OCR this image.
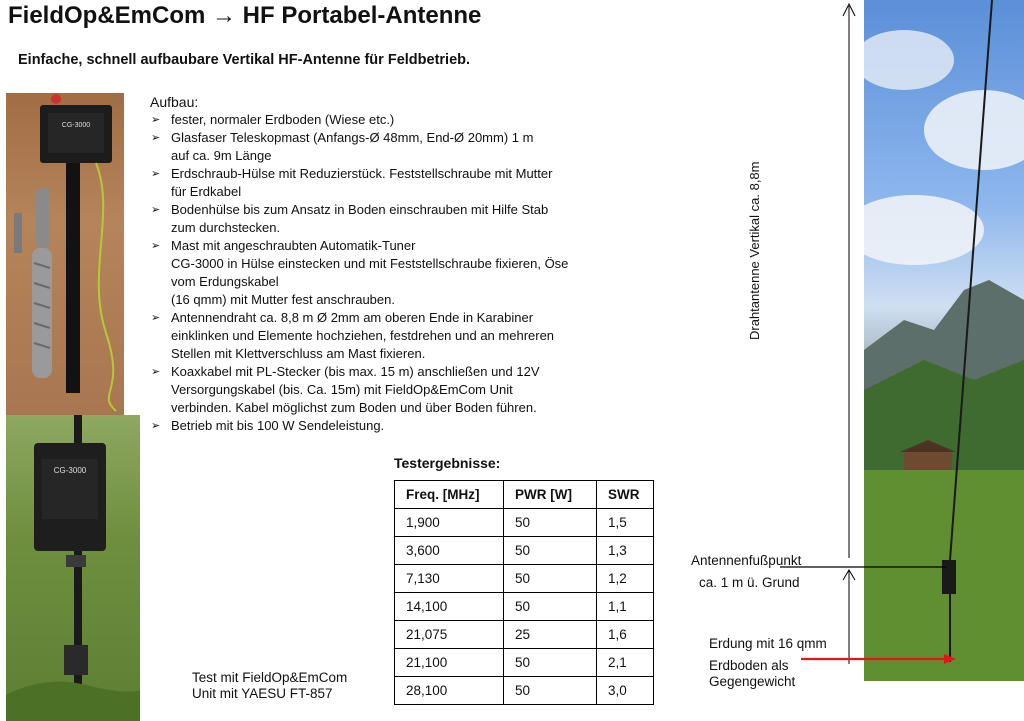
FieldOp&EmCom → HF Portabel-Antenne
Einfache, schnell aufbaubare Vertikal HF-Antenne für Feldbetrieb.
CG-3000
CG-3000
Aufbau:
➢ fester, normaler Erdboden (Wiese etc.)
➢ Glasfaser Teleskopmast (Anfangs-Ø 48mm, End-Ø 20mm) 1 m
auf ca. 9m Länge
➢ Erdschraub-Hülse mit Reduzierstück. Feststellschraube mit Mutter
für Erdkabel
➢ Bodenhülse bis zum Ansatz in Boden einschrauben mit Hilfe Stab
zum durchstecken.
➢ Mast mit angeschraubten Automatik-Tuner
CG-3000 in Hülse einstecken und mit Feststellschraube fixieren, Öse
vom Erdungskabel
(16 qmm) mit Mutter fest anschrauben.
➢ Antennendraht ca. 8,8 m Ø 2mm am oberen Ende in Karabiner
einklinken und Elemente hochziehen, festdrehen und an mehreren
Stellen mit Klettverschluss am Mast fixieren.
➢ Koaxkabel mit PL-Stecker (bis max. 15 m) anschließen und 12V
Versorgungskabel (bis. Ca. 15m) mit FieldOp&EmCom Unit
verbinden. Kabel möglichst zum Boden und über Boden führen.
➢ Betrieb mit bis 100 W Sendeleistung.
Testergebnisse:
Freq. [MHz]	PWR [W]	SWR
1,900	50	1,5
3,600	50	1,3
7,130	50	1,2
14,100	50	1,1
21,075	25	1,6
21,100	50	2,1
28,100	50	3,0
Test mit FieldOp&EmCom
Unit mit YAESU FT-857
Drahtantenne Vertikal ca. 8,8m
Antennenfußpunkt
ca. 1 m ü. Grund
Erdung mit 16 qmm
Erdboden als
Gegengewicht
